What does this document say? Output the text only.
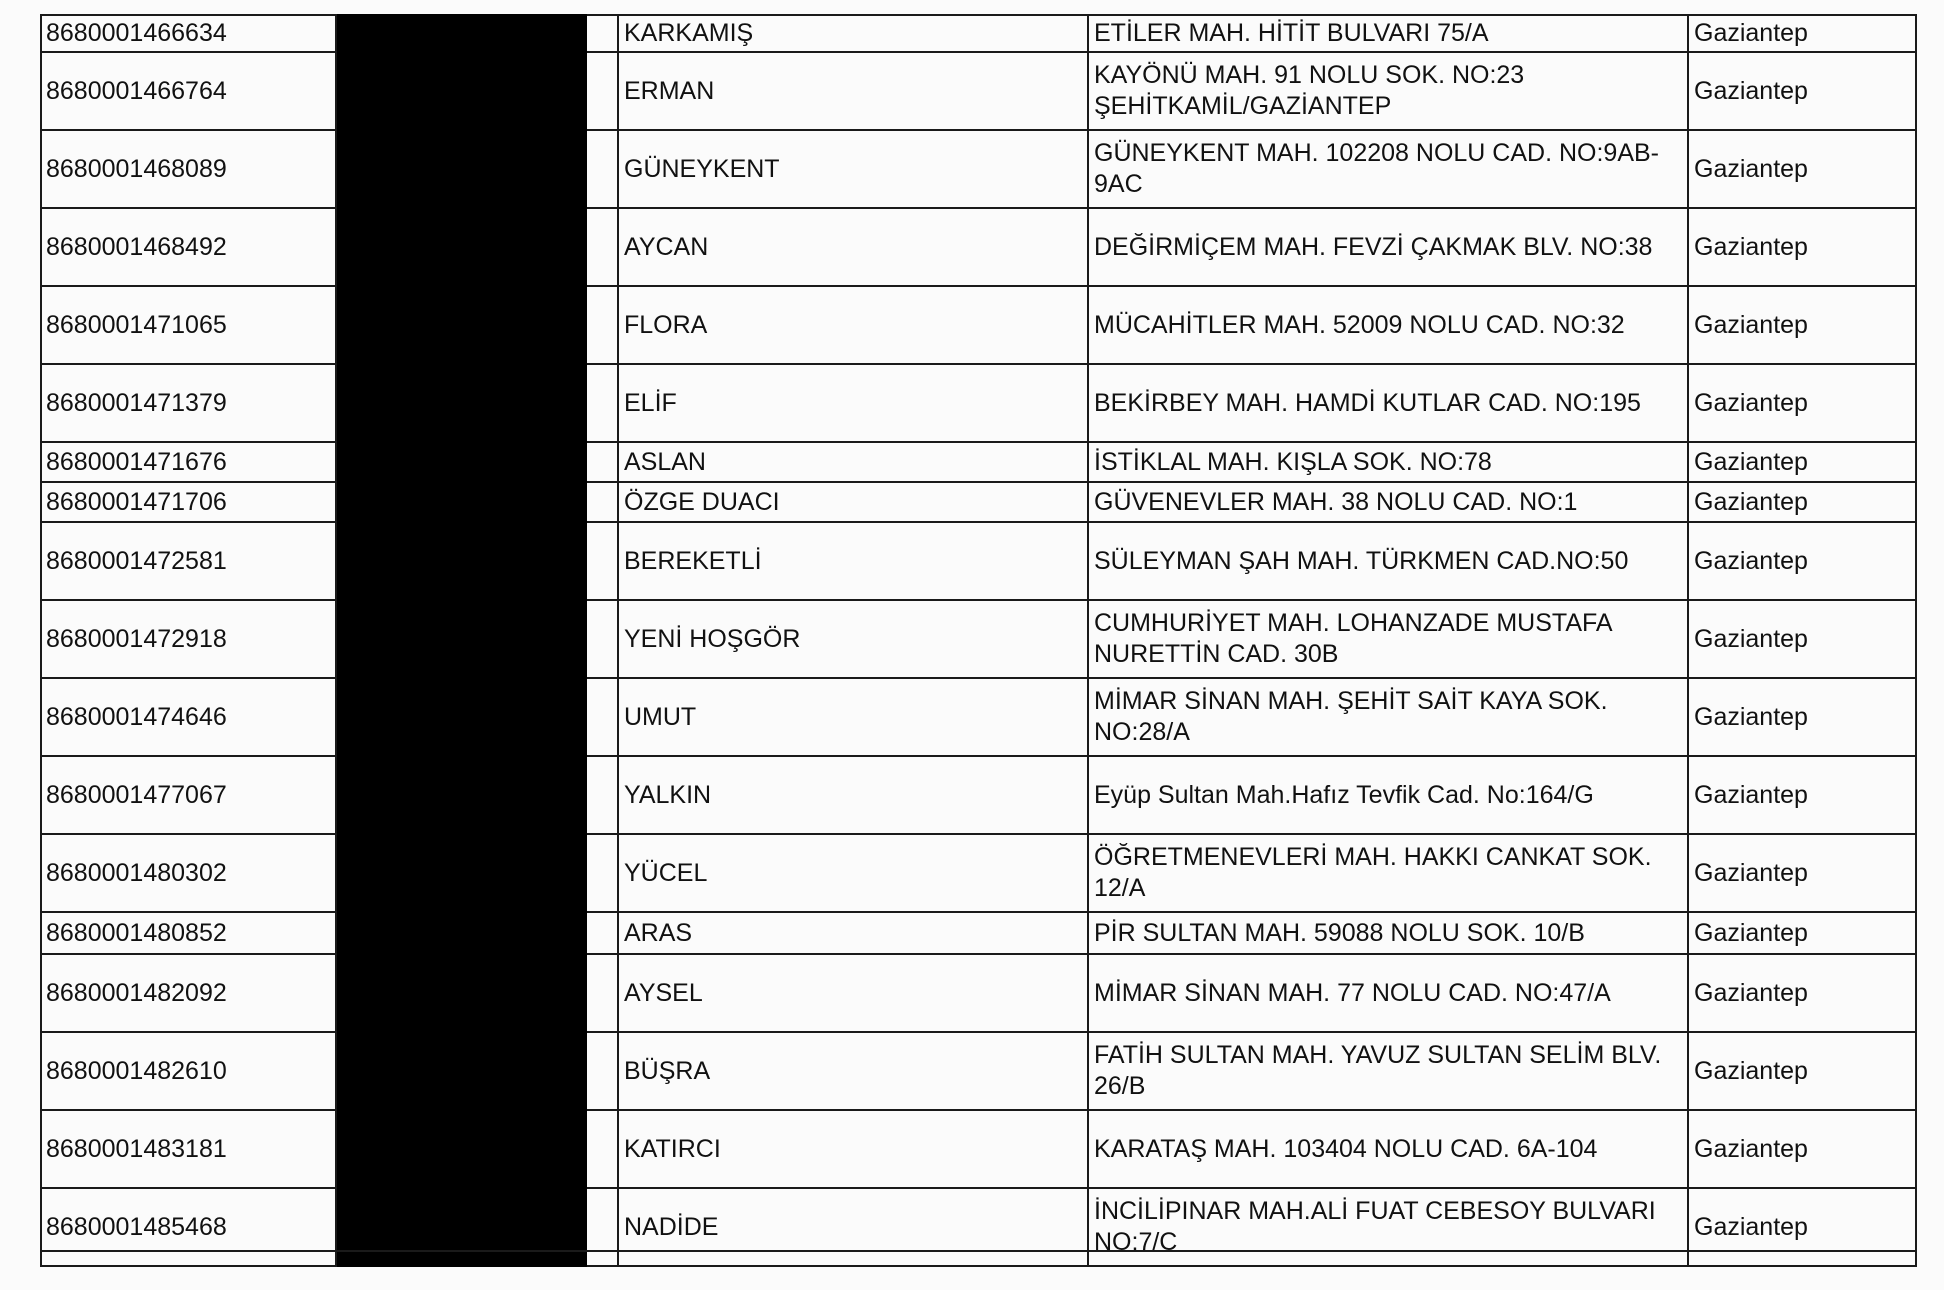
8680001466634			KARKAMIŞ	ETİLER MAH. HİTİT BULVARI 75/A	Gaziantep
8680001466764			ERMAN	KAYÖNÜ MAH. 91 NOLU SOK. NO:23 ŞEHİTKAMİL/GAZİANTEP	Gaziantep
8680001468089			GÜNEYKENT	GÜNEYKENT MAH. 102208 NOLU CAD. NO:9AB-9AC	Gaziantep
8680001468492			AYCAN	DEĞİRMİÇEM MAH. FEVZİ ÇAKMAK BLV. NO:38	Gaziantep
8680001471065			FLORA	MÜCAHİTLER MAH. 52009 NOLU CAD. NO:32	Gaziantep
8680001471379			ELİF	BEKİRBEY MAH. HAMDİ KUTLAR CAD. NO:195	Gaziantep
8680001471676			ASLAN	İSTİKLAL MAH. KIŞLA SOK. NO:78	Gaziantep
8680001471706			ÖZGE DUACI	GÜVENEVLER MAH. 38 NOLU CAD. NO:1	Gaziantep
8680001472581			BEREKETLİ	SÜLEYMAN ŞAH MAH. TÜRKMEN CAD.NO:50	Gaziantep
8680001472918			YENİ HOŞGÖR	CUMHURİYET MAH. LOHANZADE MUSTAFA NURETTİN CAD. 30B	Gaziantep
8680001474646			UMUT	MİMAR SİNAN MAH. ŞEHİT SAİT KAYA SOK. NO:28/A	Gaziantep
8680001477067			YALKIN	Eyüp Sultan Mah.Hafız Tevfik Cad. No:164/G	Gaziantep
8680001480302			YÜCEL	ÖĞRETMENEVLERİ MAH. HAKKI CANKAT SOK. 12/A	Gaziantep
8680001480852			ARAS	PİR SULTAN MAH. 59088 NOLU SOK. 10/B	Gaziantep
8680001482092			AYSEL	MİMAR SİNAN MAH. 77 NOLU CAD. NO:47/A	Gaziantep
8680001482610			BÜŞRA	FATİH SULTAN MAH. YAVUZ SULTAN SELİM BLV. 26/B	Gaziantep
8680001483181			KATIRCI	KARATAŞ MAH. 103404 NOLU CAD. 6A-104	Gaziantep
8680001485468			NADİDE	İNCİLİPINAR MAH.ALİ FUAT CEBESOY BULVARI NO:7/C	Gaziantep
